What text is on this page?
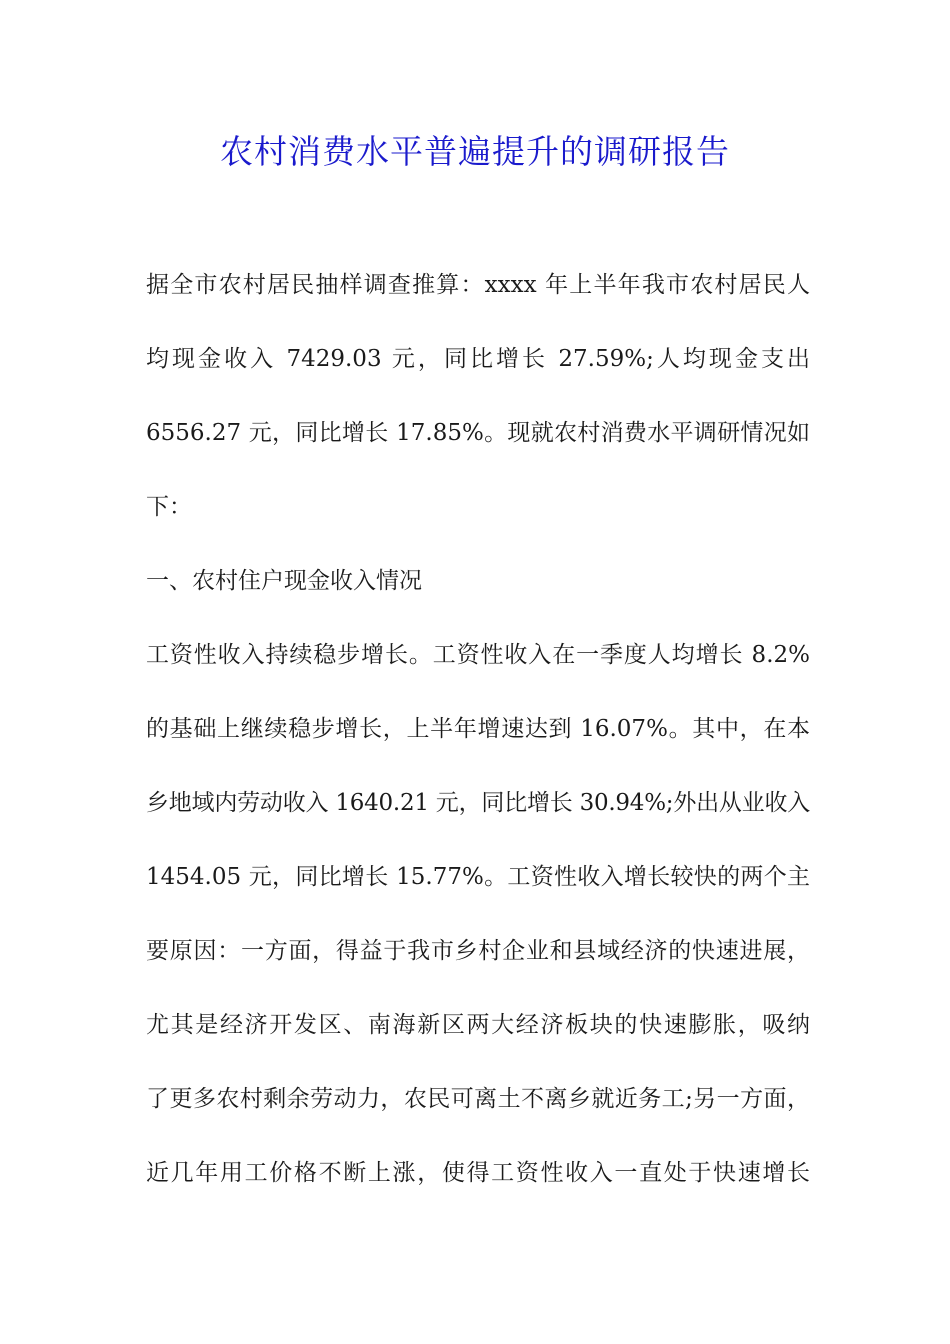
农村消费水平普遍提升的调研报告
据全市农村居民抽样调查推算：xxxx 年上半年我市农村居民人
均现金收入 7429.03 元，同比增长 27.59%;人均现金支出
6556.27 元，同比增长 17.85%。现就农村消费水平调研情况如
下：
一、农村住户现金收入情况
工资性收入持续稳步增长。工资性收入在一季度人均增长 8.2%
的基础上继续稳步增长，上半年增速达到 16.07%。其中，在本
乡地域内劳动收入 1640.21 元，同比增长 30.94%;外出从业收入
1454.05 元，同比增长 15.77%。工资性收入增长较快的两个主
要原因：一方面，得益于我市乡村企业和县域经济的快速进展，
尤其是经济开发区、南海新区两大经济板块的快速膨胀，吸纳
了更多农村剩余劳动力，农民可离土不离乡就近务工;另一方面，
近几年用工价格不断上涨，使得工资性收入一直处于快速增长
